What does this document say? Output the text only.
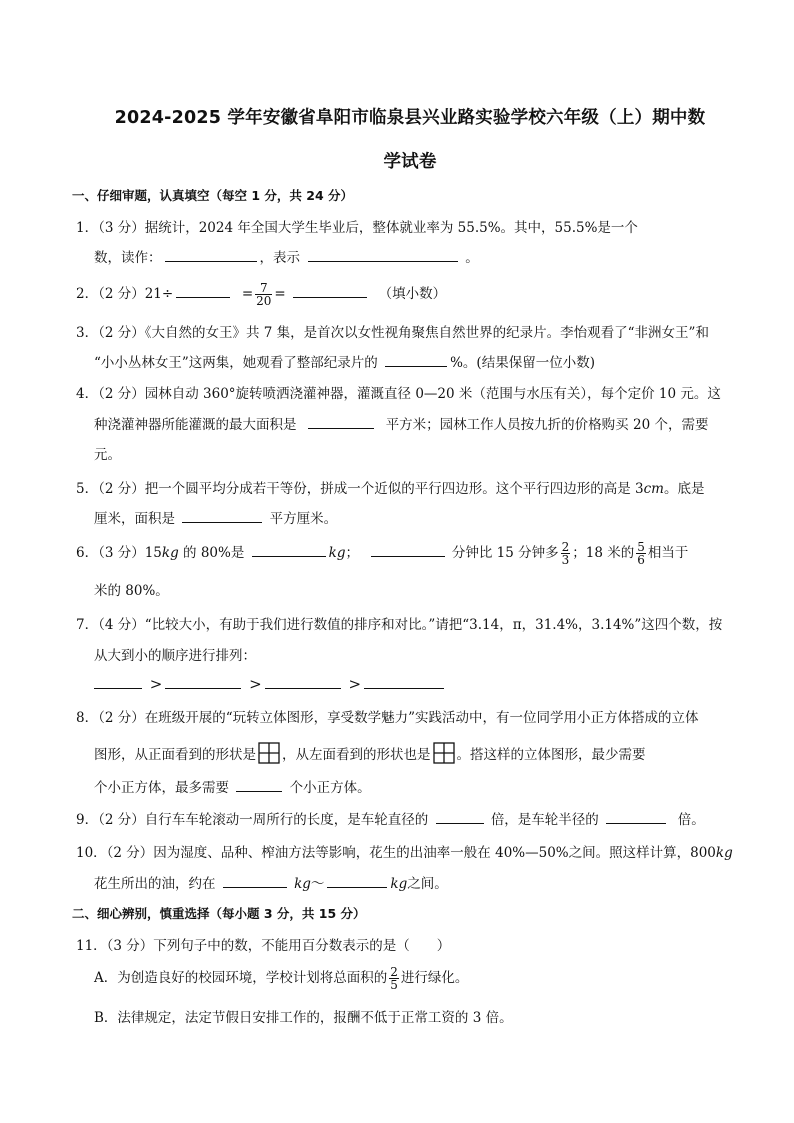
2024-2025 学年安徽省阜阳市临泉县兴业路实验学校六年级（上）期中数
学试卷
一、仔细审题，认真填空（每空 1 分，共 24 分）
1．（3 分）据统计，2024 年全国大学生毕业后，整体就业率为 55.5%。其中，55.5%是一个
数，读作：	，表示	。
2．（2 分）21÷	= $\frac{7}{20}$ =	（填小数）
3．（2 分）《大自然的女王》共 7 集，是首次以女性视角聚焦自然世界的纪录片。李怡观看了“非洲女王”和
“小小丛林女王”这两集，她观看了整部纪录片的	%。(结果保留一位小数)
4．（2 分）园林自动 360°旋转喷洒浇灌神器，灌溉直径 0—20 米（范围与水压有关），每个定价 10 元。这
种浇灌神器所能灌溉的最大面积是	平方米；园林工作人员按九折的价格购买 20 个，需要
元。
5．（2 分）把一个圆平均分成若干等份，拼成一个近似的平行四边形。这个平行四边形的高是 3cm。底是
厘米，面积是	平方厘米。
6．（3 分）15kg 的 80%是	kg；	分钟比 15 分钟多 $\frac{2}{3}$ ；18 米的 $\frac{5}{6}$ 相当于
米的 80%。
7．（4 分）“比较大小，有助于我们进行数值的排序和对比。”请把“3.14，π，31.4%，3.14%”这四个数，按
从大到小的顺序进行排列：
>	>	>
8．（2 分）在班级开展的“玩转立体图形，享受数学魅力”实践活动中，有一位同学用小正方体搭成的立体
图形，从正面看到的形状是 ，从左面看到的形状也是 。搭这样的立体图形，最少需要
个小正方体，最多需要	个小正方体。
9．（2 分）自行车车轮滚动一周所行的长度，是车轮直径的	倍，是车轮半径的	倍。
10．（2 分）因为湿度、品种、榨油方法等影响，花生的出油率一般在 40%—50%之间。照这样计算，800kg
花生所出的油，约在	kg～	kg之间。
二、细心辨别，慎重选择（每小题 3 分，共 15 分）
11．（3 分）下列句子中的数，不能用百分数表示的是（　　）
A．为创造良好的校园环境，学校计划将总面积的 $\frac{2}{5}$ 进行绿化。
B．法律规定，法定节假日安排工作的，报酬不低于正常工资的 3 倍。
